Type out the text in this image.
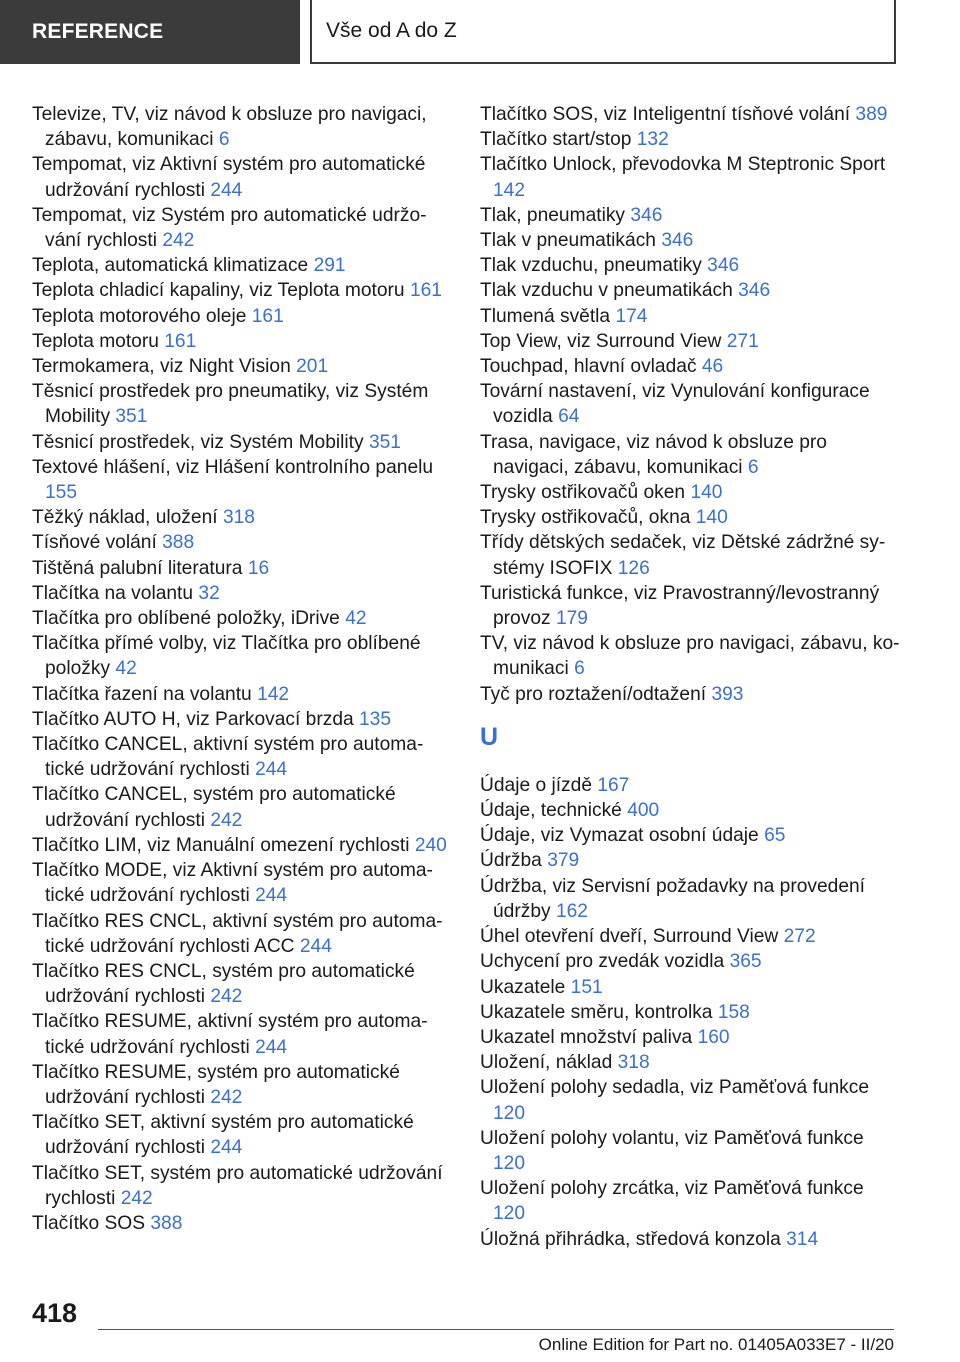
REFERENCE	Vše od A do Z

Televize, TV, viz návod k obsluze pro navigaci, zábavu, komunikaci 6

Tempomat, viz Aktivní systém pro automatické udržování rychlosti 244

Tempomat, viz Systém pro automatické udržování rychlosti 242

Teplota, automatická klimatizace 291

Teplota chladicí kapaliny, viz Teplota motoru 161

Teplota motorového oleje 161

Teplota motoru 161

Termokamera, viz Night Vision 201

Těsnicí prostředek pro pneumatiky, viz Systém Mobility 351

Těsnicí prostředek, viz Systém Mobility 351

Textové hlášení, viz Hlášení kontrolního panelu 155

Těžký náklad, uložení 318

Tísňové volání 388

Tištěná palubní literatura 16

Tlačítka na volantu 32

Tlačítka pro oblíbené položky, iDrive 42

Tlačítka přímé volby, viz Tlačítka pro oblíbené položky 42

Tlačítka řazení na volantu 142

Tlačítko AUTO H, viz Parkovací brzda 135

Tlačítko CANCEL, aktivní systém pro automatické udržování rychlosti 244

Tlačítko CANCEL, systém pro automatické udržování rychlosti 242

Tlačítko LIM, viz Manuální omezení rychlosti 240

Tlačítko MODE, viz Aktivní systém pro automatické udržování rychlosti 244

Tlačítko RES CNCL, aktivní systém pro automatické udržování rychlosti ACC 244

Tlačítko RES CNCL, systém pro automatické udržování rychlosti 242

Tlačítko RESUME, aktivní systém pro automatické udržování rychlosti 244

Tlačítko RESUME, systém pro automatické udržování rychlosti 242

Tlačítko SET, aktivní systém pro automatické udržování rychlosti 244

Tlačítko SET, systém pro automatické udržování rychlosti 242

Tlačítko SOS 388

Tlačítko SOS, viz Inteligentní tísňové volání 389

Tlačítko start/stop 132

Tlačítko Unlock, převodovka M Steptronic Sport 142

Tlak, pneumatiky 346

Tlak v pneumatikách 346

Tlak vzduchu, pneumatiky 346

Tlak vzduchu v pneumatikách 346

Tlumená světla 174

Top View, viz Surround View 271

Touchpad, hlavní ovladač 46

Tovární nastavení, viz Vynulování konfigurace vozidla 64

Trasa, navigace, viz návod k obsluze pro navigaci, zábavu, komunikaci 6

Trysky ostřikovačů oken 140

Trysky ostřikovačů, okna 140

Třídy dětských sedaček, viz Dětské zádržné systémy ISOFIX 126

Turistická funkce, viz Pravostranný/levostranný provoz 179

TV, viz návod k obsluze pro navigaci, zábavu, komunikaci 6

Tyč pro roztažení/odtažení 393

U

Údaje o jízdě 167

Údaje, technické 400

Údaje, viz Vymazat osobní údaje 65

Údržba 379

Údržba, viz Servisní požadavky na provedení údržby 162

Úhel otevření dveří, Surround View 272

Uchycení pro zvedák vozidla 365

Ukazatele 151

Ukazatele směru, kontrolka 158

Ukazatel množství paliva 160

Uložení, náklad 318

Uložení polohy sedadla, viz Paměťová funkce 120

Uložení polohy volantu, viz Paměťová funkce 120

Uložení polohy zrcátka, viz Paměťová funkce 120

Úložná přihrádka, středová konzola 314

418
Online Edition for Part no. 01405A033E7 - II/20
